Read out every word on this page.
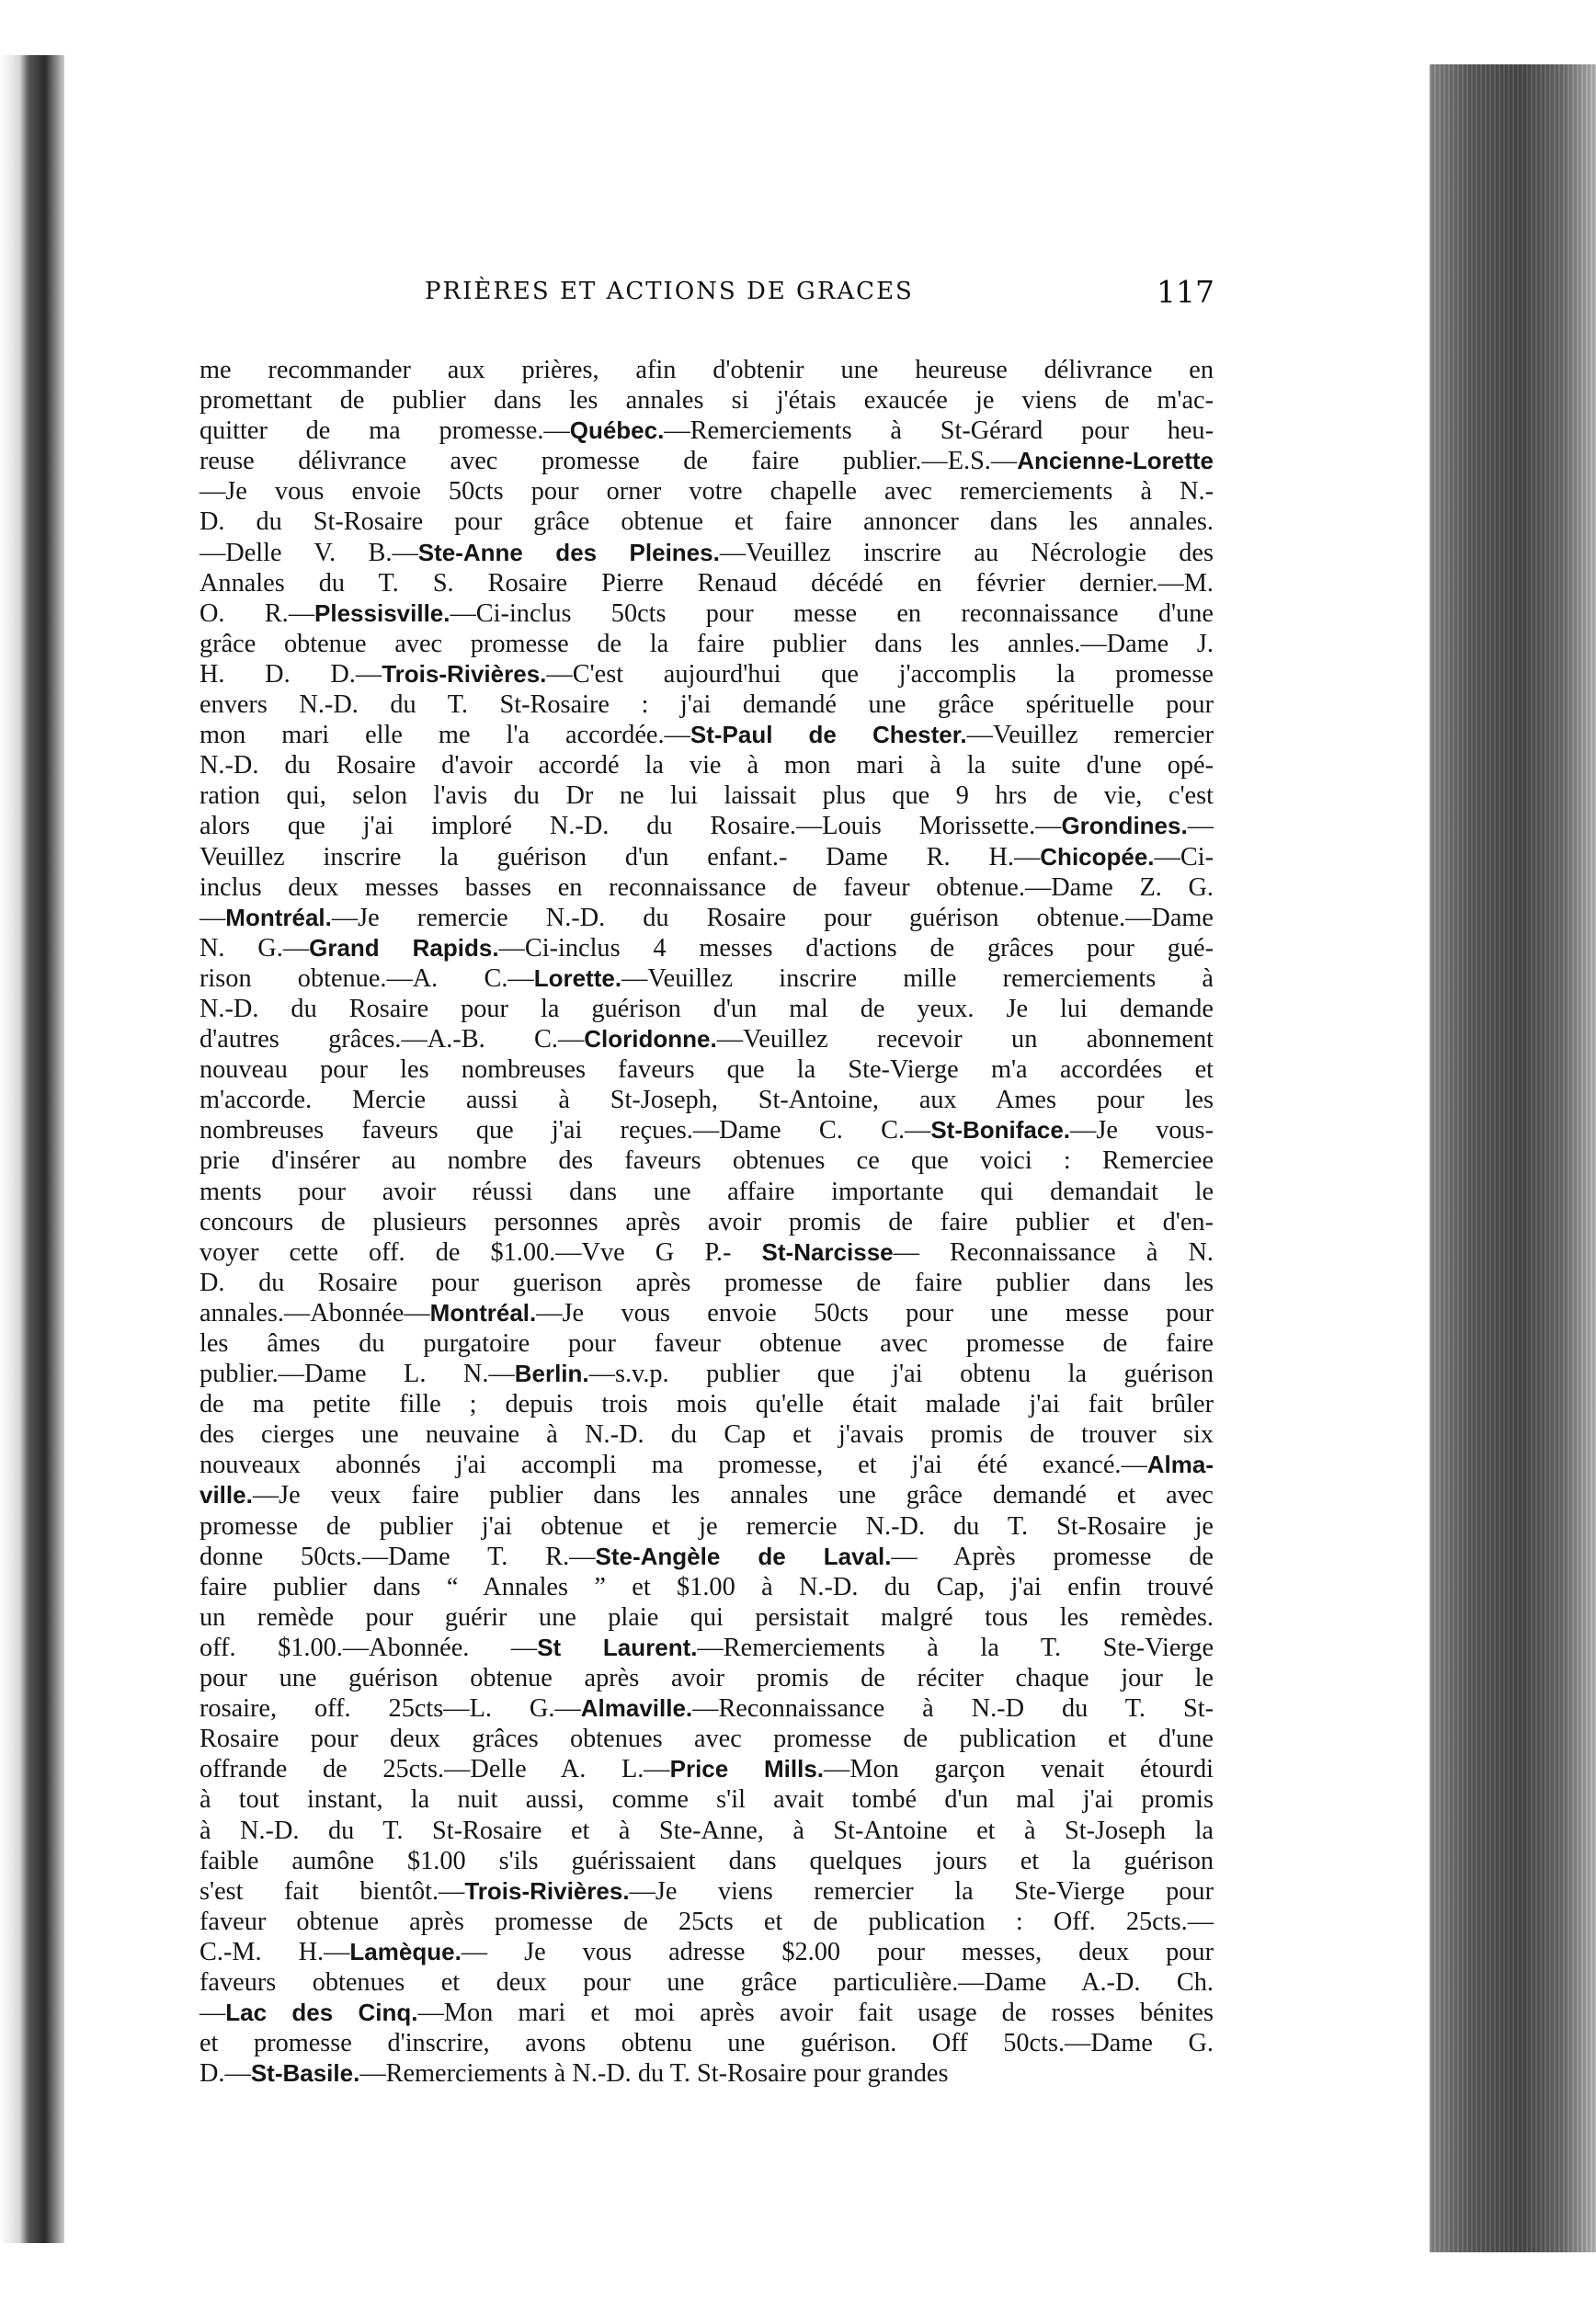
PRIÈRES ET ACTIONS DE GRACES	117
me recommander aux prières, afin d'obtenir une heureuse délivrance en
promettant de publier dans les annales si j'étais exaucée je viens de m'ac-
quitter de ma promesse.—Québec.—Remerciements à St-Gérard pour heu-
reuse délivrance avec promesse de faire publier.—E.S.—Ancienne-Lorette
—Je vous envoie 50cts pour orner votre chapelle avec remerciements à N.-
D. du St-Rosaire pour grâce obtenue et faire annoncer dans les annales.
—Delle V. B.—Ste-Anne des Pleines.—Veuillez inscrire au Nécrologie des
Annales du T. S. Rosaire Pierre Renaud décédé en février dernier.—M.
O. R.—Plessisville.—Ci-inclus 50cts pour messe en reconnaissance d'une
grâce obtenue avec promesse de la faire publier dans les annles.—Dame J.
H. D. D.—Trois-Rivières.—C'est aujourd'hui que j'accomplis la promesse
envers N.-D. du T. St-Rosaire : j'ai demandé une grâce spérituelle pour
mon mari elle me l'a accordée.—St-Paul de Chester.—Veuillez remercier
N.-D. du Rosaire d'avoir accordé la vie à mon mari à la suite d'une opé-
ration qui, selon l'avis du Dr ne lui laissait plus que 9 hrs de vie, c'est
alors que j'ai imploré N.-D. du Rosaire.—Louis Morissette.—Grondines.—
Veuillez inscrire la guérison d'un enfant.- Dame R. H.—Chicopée.—Ci-
inclus deux messes basses en reconnaissance de faveur obtenue.—Dame Z. G.
—Montréal.—Je remercie N.-D. du Rosaire pour guérison obtenue.—Dame
N. G.—Grand Rapids.—Ci-inclus 4 messes d'actions de grâces pour gué-
rison obtenue.—A. C.—Lorette.—Veuillez inscrire mille remerciements à
N.-D. du Rosaire pour la guérison d'un mal de yeux. Je lui demande
d'autres grâces.—A.-B. C.—Cloridonne.—Veuillez recevoir un abonnement
nouveau pour les nombreuses faveurs que la Ste-Vierge m'a accordées et
m'accorde. Mercie aussi à St-Joseph, St-Antoine, aux Ames pour les
nombreuses faveurs que j'ai reçues.—Dame C. C.—St-Boniface.—Je vous-
prie d'insérer au nombre des faveurs obtenues ce que voici : Remerciee
ments pour avoir réussi dans une affaire importante qui demandait le
concours de plusieurs personnes après avoir promis de faire publier et d'en-
voyer cette off. de $1.00.—Vve G P.- St-Narcisse— Reconnaissance à N.
D. du Rosaire pour guerison après promesse de faire publier dans les
annales.—Abonnée—Montréal.—Je vous envoie 50cts pour une messe pour
les âmes du purgatoire pour faveur obtenue avec promesse de faire
publier.—Dame L. N.—Berlin.—s.v.p. publier que j'ai obtenu la guérison
de ma petite fille ; depuis trois mois qu'elle était malade j'ai fait brûler
des cierges une neuvaine à N.-D. du Cap et j'avais promis de trouver six
nouveaux abonnés j'ai accompli ma promesse, et j'ai été exancé.—Alma-
ville.—Je veux faire publier dans les annales une grâce demandé et avec
promesse de publier j'ai obtenue et je remercie N.-D. du T. St-Rosaire je
donne 50cts.—Dame T. R.—Ste-Angèle de Laval.— Après promesse de
faire publier dans “ Annales ” et $1.00 à N.-D. du Cap, j'ai enfin trouvé
un remède pour guérir une plaie qui persistait malgré tous les remèdes.
off. $1.00.—Abonnée. —St Laurent.—Remerciements à la T. Ste-Vierge
pour une guérison obtenue après avoir promis de réciter chaque jour le
rosaire, off. 25cts—L. G.—Almaville.—Reconnaissance à N.-D du T. St-
Rosaire pour deux grâces obtenues avec promesse de publication et d'une
offrande de 25cts.—Delle A. L.—Price Mills.—Mon garçon venait étourdi
à tout instant, la nuit aussi, comme s'il avait tombé d'un mal j'ai promis
à N.-D. du T. St-Rosaire et à Ste-Anne, à St-Antoine et à St-Joseph la
faible aumône $1.00 s'ils guérissaient dans quelques jours et la guérison
s'est fait bientôt.—Trois-Rivières.—Je viens remercier la Ste-Vierge pour
faveur obtenue après promesse de 25cts et de publication : Off. 25cts.—
C.-M. H.—Lamèque.— Je vous adresse $2.00 pour messes, deux pour
faveurs obtenues et deux pour une grâce particulière.—Dame A.-D. Ch.
—Lac des Cinq.—Mon mari et moi après avoir fait usage de rosses bénites
et promesse d'inscrire, avons obtenu une guérison. Off 50cts.—Dame G.
D.—St-Basile.—Remerciements à N.-D. du T. St-Rosaire pour grandes
